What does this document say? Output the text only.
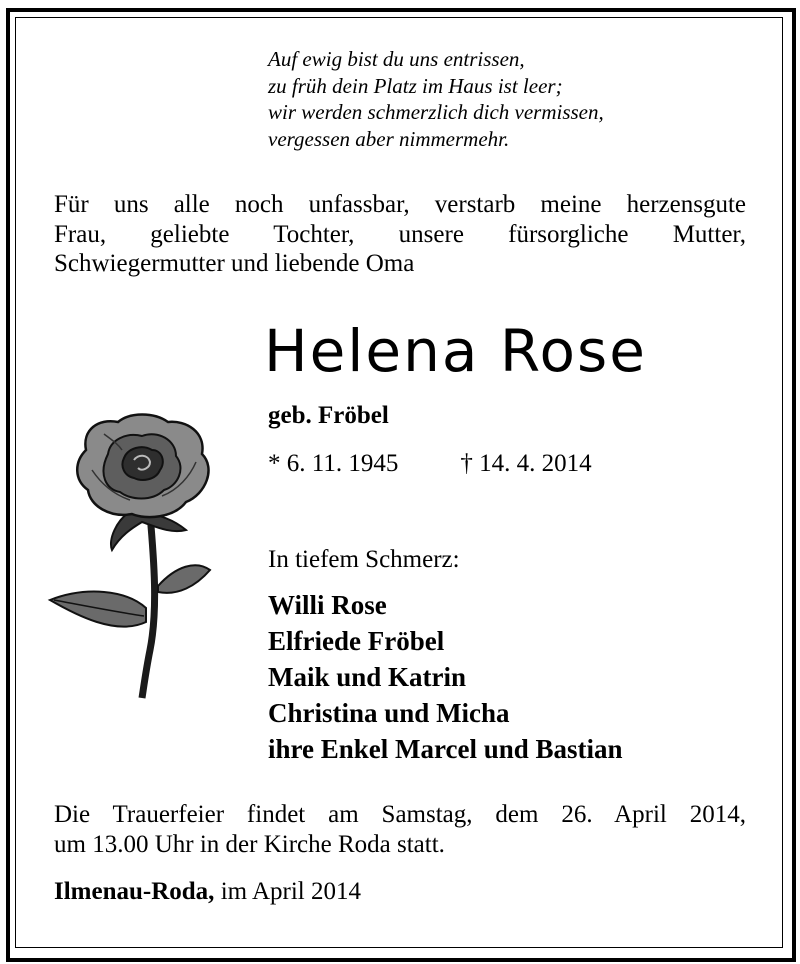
Auf ewig bist du uns entrissen,
zu früh dein Platz im Haus ist leer;
wir werden schmerzlich dich vermissen,
vergessen aber nimmermehr.
Für uns alle noch unfassbar, verstarb meine herzensgute
Frau, geliebte Tochter, unsere fürsorgliche Mutter,
Schwiegermutter und liebende Oma
Helena Rose
geb. Fröbel
* 6. 11. 1945 † 14. 4. 2014
In tiefem Schmerz:
Willi Rose
Elfriede Fröbel
Maik und Katrin
Christina und Micha
ihre Enkel Marcel und Bastian
Die Trauerfeier findet am Samstag, dem 26. April 2014,
um 13.00 Uhr in der Kirche Roda statt.
Ilmenau-Roda, im April 2014
